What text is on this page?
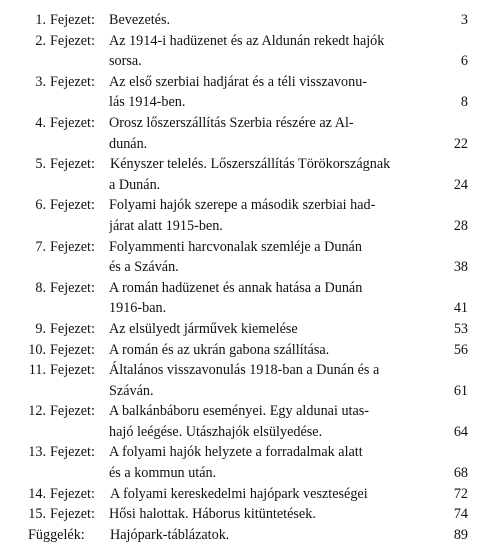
1. Fejezet: Bevezetés.	3
2. Fejezet: Az 1914-i hadüzenet és az Aldunán rekedt hajók
sorsa.	6
3. Fejezet: Az első szerbiai hadjárat és a téli visszavonu-
lás 1914-ben.	8
4. Fejezet: Orosz lőszerszállítás Szerbia részére az Al-
dunán.	22
5. Fejezet:	Kényszer telelés. Lőszerszállítás Törökországnak
a Dunán.	24
6. Fejezet: Folyami hajók szerepe a második szerbiai had-
járat alatt 1915-ben.	28
7. Fejezet: Folyammenti harcvonalak szemléje a Dunán
és a Száván.	38
8. Fejezet: A román hadüzenet és annak hatása a Dunán
1916-ban.	41
9. Fejezet: Az elsülyedt járművek kiemelése	53
10. Fejezet: A román és az ukrán gabona szállítása.	56
11. Fejezet: Általános visszavonulás 1918-ban a Dunán és a
Száván.	61
12. Fejezet: A balkánbáboru eseményei. Egy aldunai utas-
hajó leégése. Utászhajók elsülyedése.	64
13. Fejezet: A folyami hajók helyzete a forradalmak alatt
és a kommun után.	68
14. Fejezet:	A folyami kereskedelmi hajópark veszteségei	72
15. Fejezet: Hősi halottak. Háborus kitüntetések.	74
Függelék:	Hajópark-táblázatok.	89
